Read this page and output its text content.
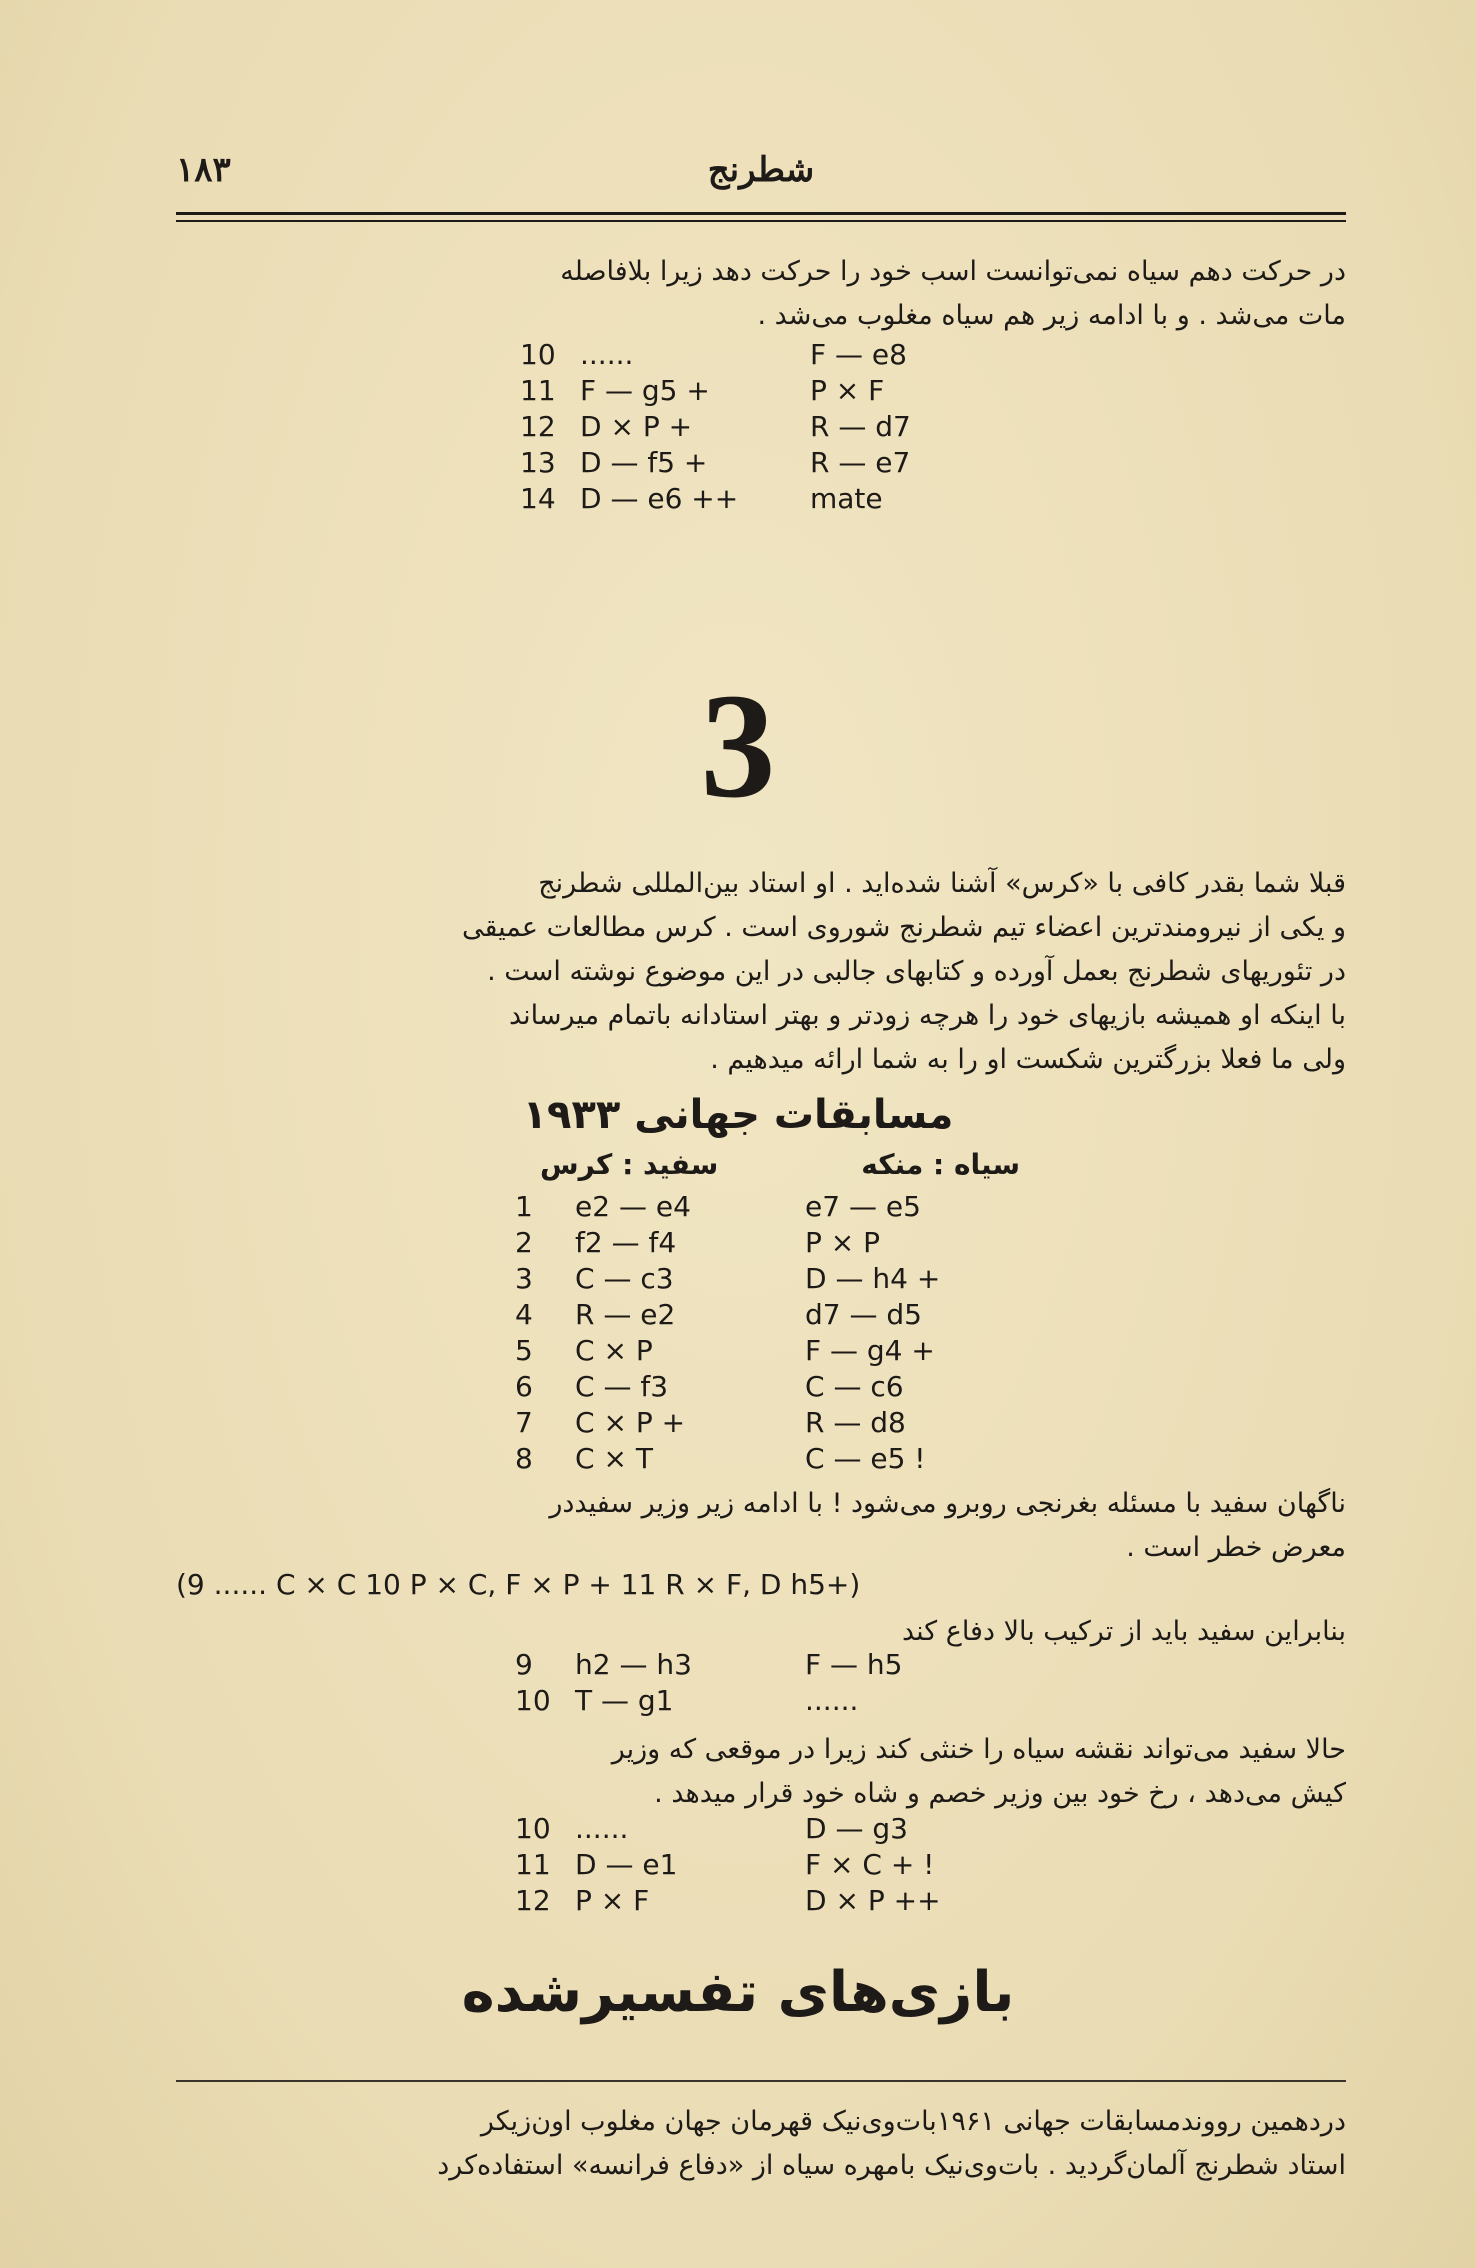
۱۸۳	شطرنج

در حرکت دهم سیاه نمی‌توانست اسب خود را حرکت دهد زیرا بلافاصله

مات می‌شد . و با ادامه زیر هم سیاه مغلوب می‌شد .

10 ......	F — e8
11 F — g5 +	P × F
12 D × P +	R — d7
13 D — f5 +	R — e7
14 D — e6 ++	mate
3

قبلا شما بقدر کافی با «کرس» آشنا شده‌اید . او استاد بین‌المللی شطرنج

و یکی از نیرومندترین اعضاء تیم شطرنج شوروی است . کرس مطالعات عمیقی

در تئوریهای شطرنج بعمل آورده و کتابهای جالبی در این موضوع نوشته است .

با اینکه او همیشه بازیهای خود را هرچه زودتر و بهتر استادانه باتمام میرساند

ولی ما فعلا بزرگترین شکست او را به شما ارائه میدهیم .

مسابقات جهانی ۱۹۳۳
سیاه : منکه
سفید : کرس
1 e2 — e4	e7 — e5
2 f2 — f4	P × P
3 C — c3	D — h4 +
4 R — e2	d7 — d5
5 C × P	F — g4 +
6 C — f3	C — c6
7 C × P +	R — d8
8 C × T	C — e5 !

ناگهان سفید با مسئله بغرنجی روبرو می‌شود ! با ادامه زیر وزیر سفیددر

معرض خطر است .

(9 ...... C × C 10 P × C, F × P + 11 R × F, D h5+)

بنابراین سفید باید از ترکیب بالا دفاع کند

9 h2 — h3	F — h5
10 T — g1	......

حالا سفید می‌تواند نقشه سیاه را خنثی کند زیرا در موقعی که وزیر

کیش می‌دهد ، رخ خود بین وزیر خصم و شاه خود قرار میدهد .

10 ......	D — g3
11 D — e1	F × C + !
12 P × F	D × P ++
بازی‌های تفسیرشده

دردهمین رووندمسابقات جهانی ۱۹۶۱بات‌وی‌نیک قهرمان جهان مغلوب اون‌زیکر

استاد شطرنج آلمان‌گردید . بات‌وی‌نیک بامهره سیاه از «دفاع فرانسه» استفاده‌کرد
